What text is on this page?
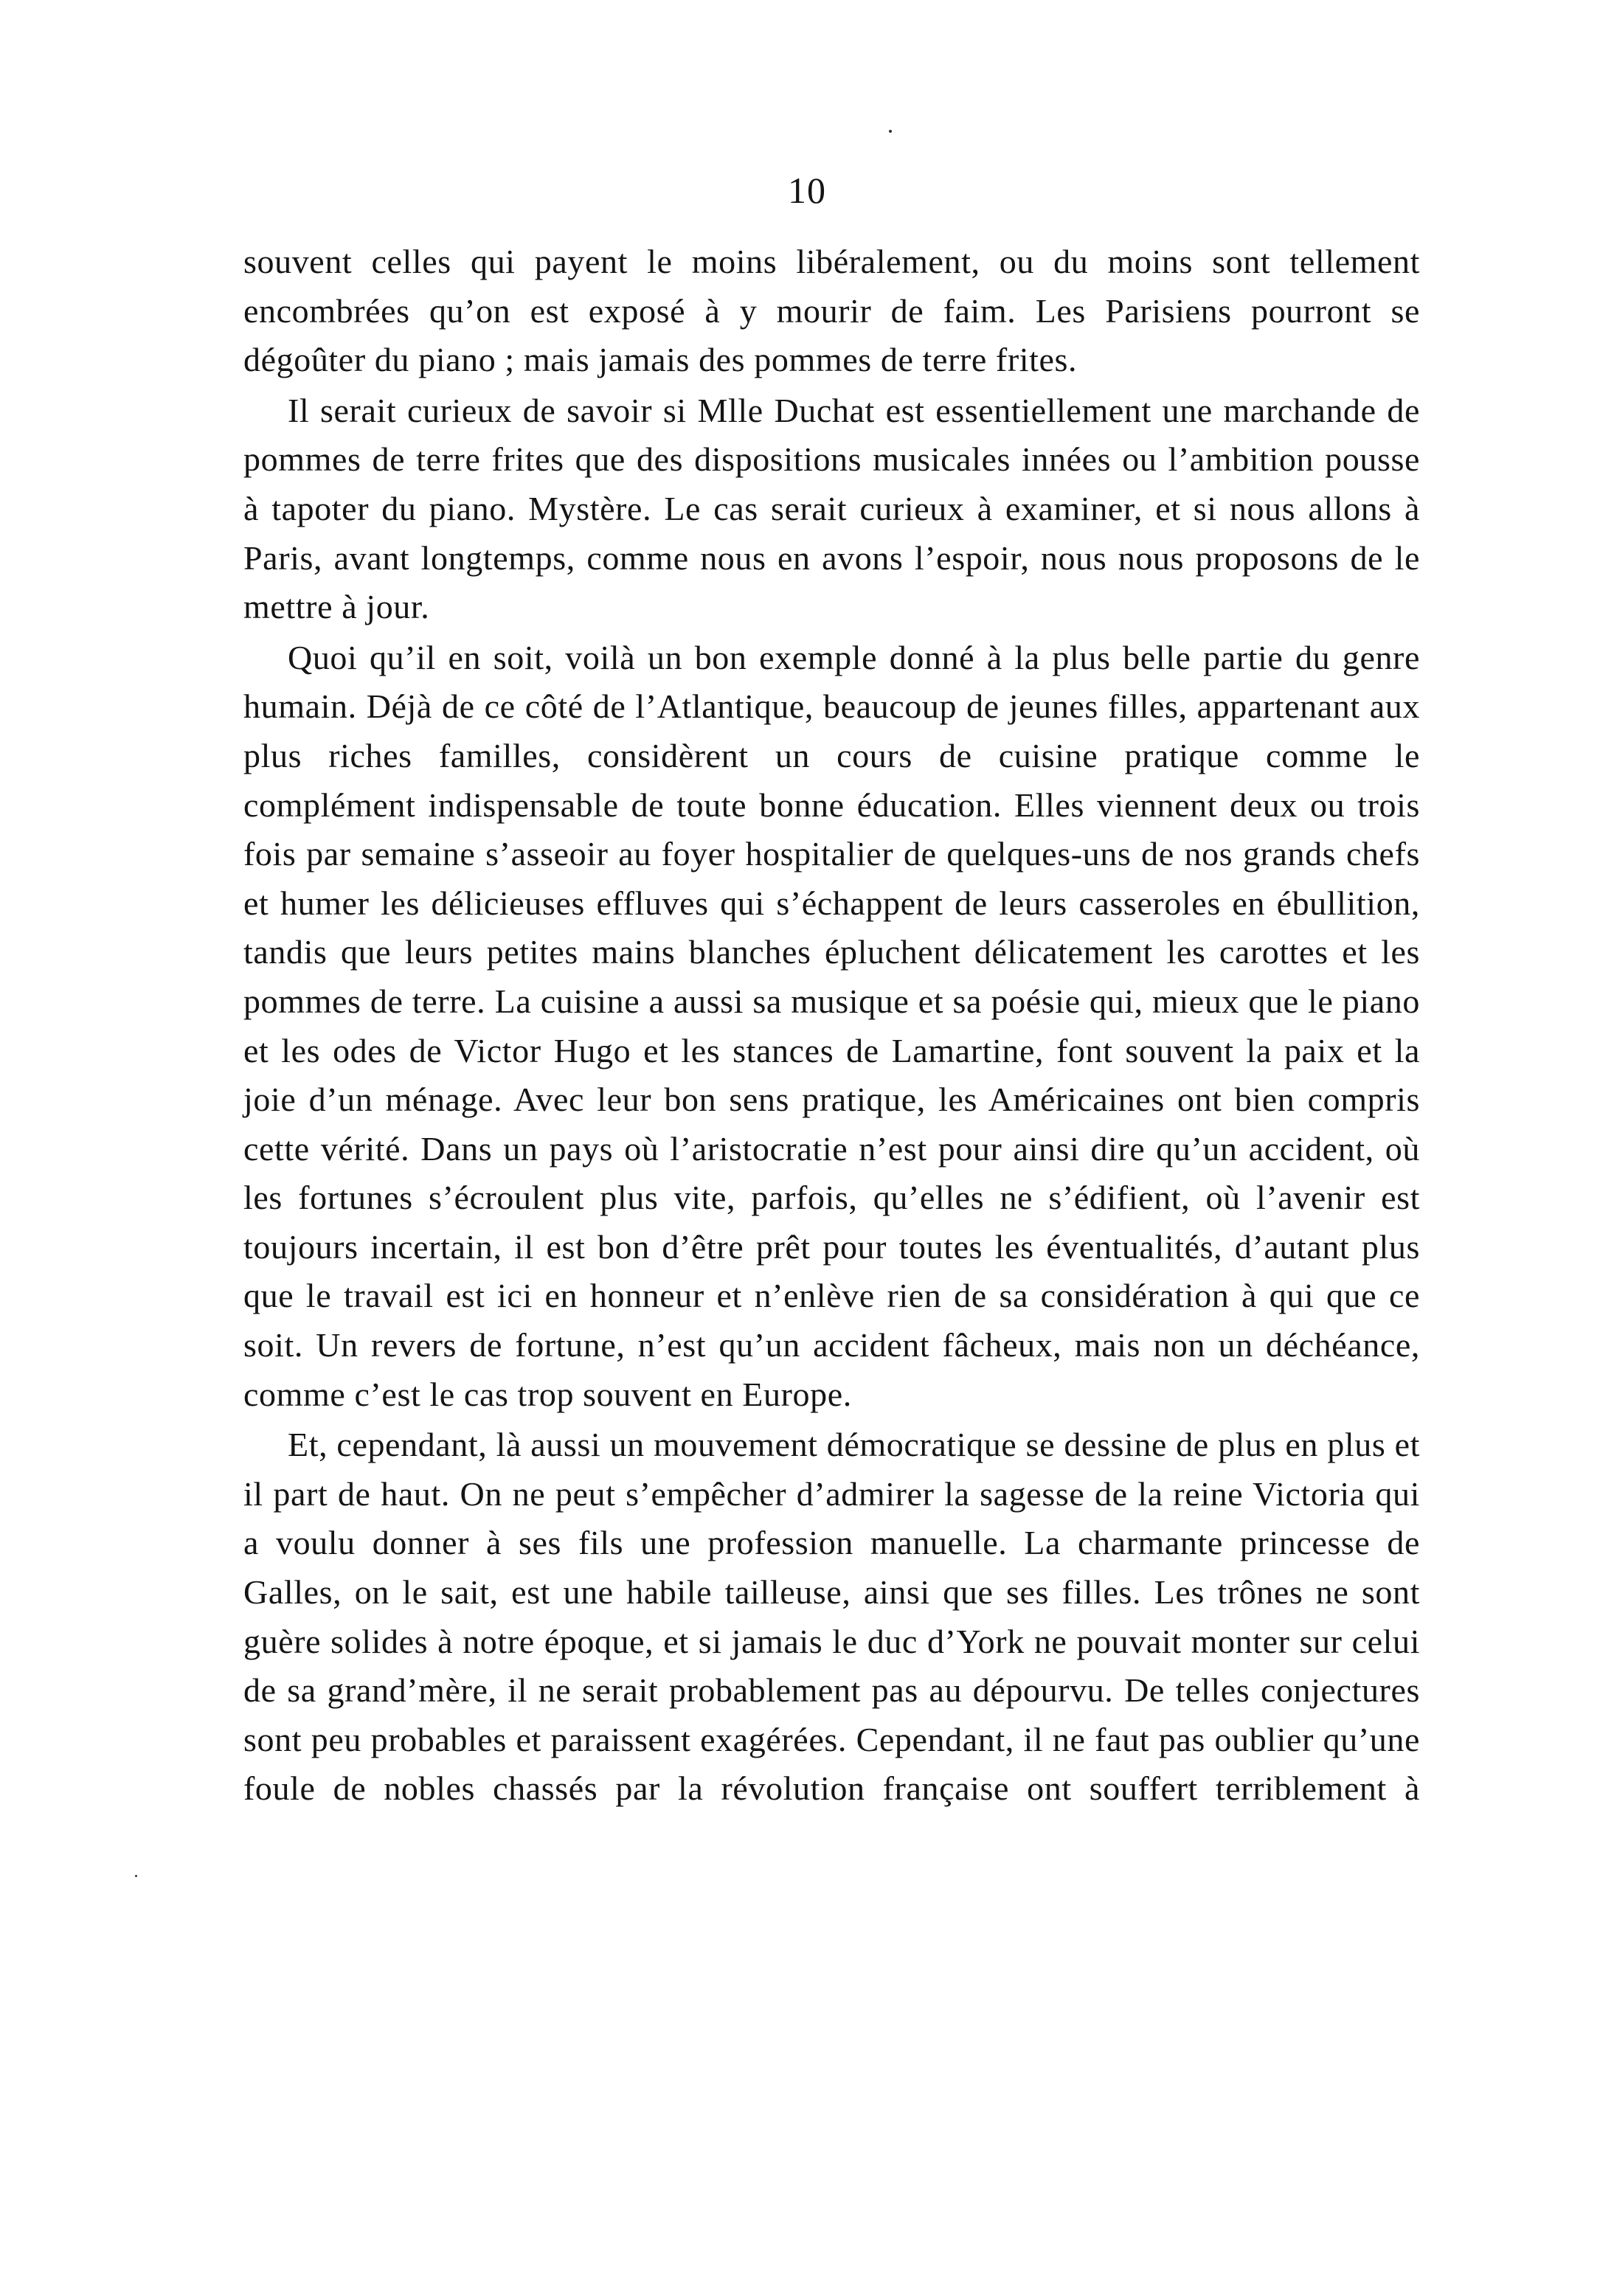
10

souvent celles qui payent le moins libéralement, ou du moins sont tellement encombrées qu’on est exposé à y mourir de faim. Les Parisiens pourront se dégoûter du piano ; mais jamais des pommes de terre frites.

Il serait curieux de savoir si Mlle Duchat est essentiellement une marchande de pommes de terre frites que des dispositions musicales innées ou l’ambition pousse à tapoter du piano. Mystère. Le cas serait curieux à examiner, et si nous allons à Paris, avant longtemps, comme nous en avons l’espoir, nous nous proposons de le mettre à jour.

Quoi qu’il en soit, voilà un bon exemple donné à la plus belle partie du genre humain. Déjà de ce côté de l’Atlantique, beaucoup de jeunes filles, appartenant aux plus riches familles, considèrent un cours de cuisine pratique comme le complément indispensable de toute bonne éducation. Elles viennent deux ou trois fois par semaine s’asseoir au foyer hospitalier de quelques-uns de nos grands chefs et humer les délicieuses effluves qui s’échappent de leurs casseroles en ébullition, tandis que leurs petites mains blanches épluchent délicatement les carottes et les pommes de terre. La cuisine a aussi sa musique et sa poésie qui, mieux que le piano et les odes de Victor Hugo et les stances de Lamartine, font souvent la paix et la joie d’un ménage. Avec leur bon sens pratique, les Américaines ont bien compris cette vérité. Dans un pays où l’aristocratie n’est pour ainsi dire qu’un accident, où les fortunes s’écroulent plus vite, parfois, qu’elles ne s’édifient, où l’avenir est toujours incertain, il est bon d’être prêt pour toutes les éventualités, d’autant plus que le travail est ici en honneur et n’enlève rien de sa considération à qui que ce soit. Un revers de fortune, n’est qu’un accident fâcheux, mais non un déchéance, comme c’est le cas trop souvent en Europe.

Et, cependant, là aussi un mouvement démocratique se dessine de plus en plus et il part de haut. On ne peut s’empêcher d’admirer la sagesse de la reine Victoria qui a voulu donner à ses fils une profession manuelle. La charmante princesse de Galles, on le sait, est une habile tailleuse, ainsi que ses filles. Les trônes ne sont guère solides à notre époque, et si jamais le duc d’York ne pouvait monter sur celui de sa grand’mère, il ne serait probablement pas au dépourvu. De telles conjectures sont peu probables et paraissent exagérées. Cependant, il ne faut pas oublier qu’une foule de nobles chassés par la révolution française ont souffert terriblement à
